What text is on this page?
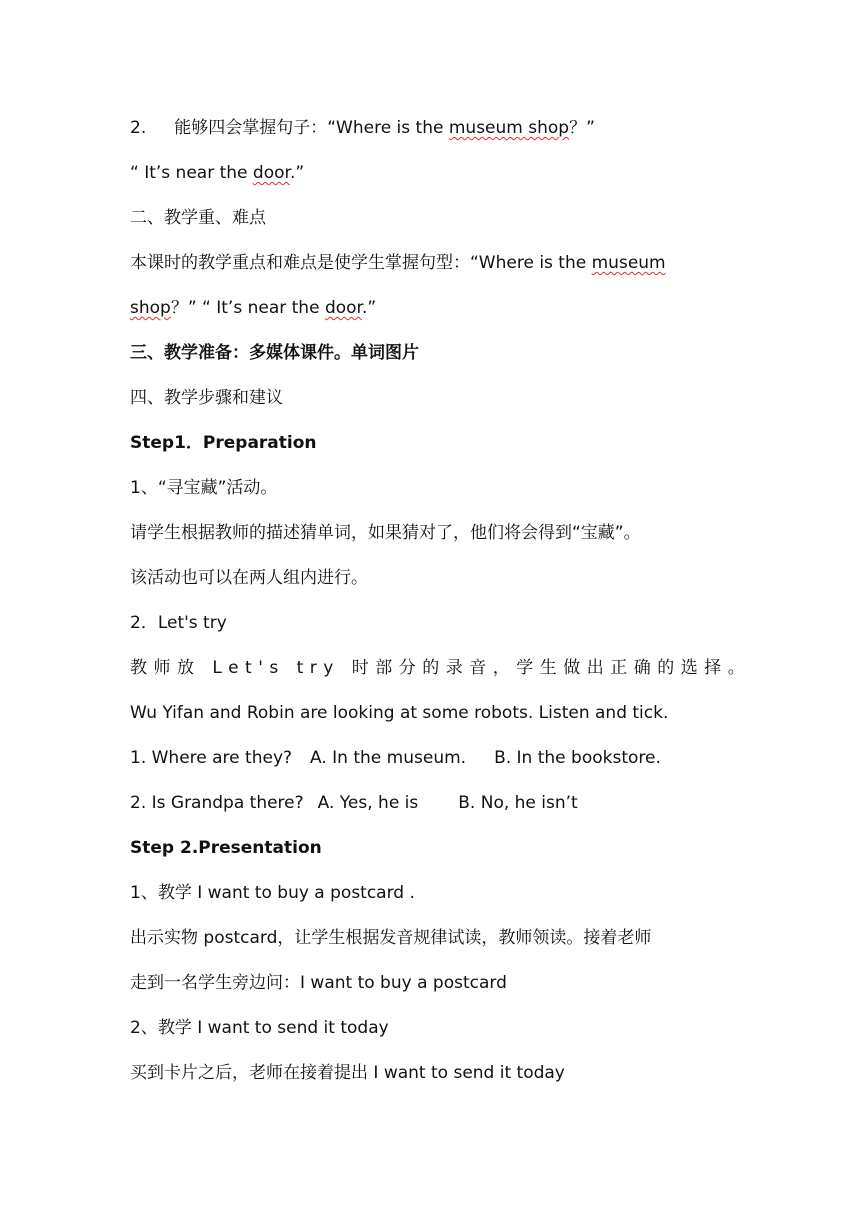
2. 能够四会掌握句子：“Where is the museum shop？”
“ It’s near the door.”
二、教学重、难点
本课时的教学重点和难点是使学生掌握句型：“Where is the museum
shop？” “ It’s near the door.”
三、教学准备：多媒体课件。单词图片
四、教学步骤和建议
Step1．Preparation
1、“寻宝藏”活动。
请学生根据教师的描述猜单词，如果猜对了，他们将会得到“宝藏”。
该活动也可以在两人组内进行。
2．Let's try
教师放 Let's try 时部分的录音，学生做出正确的选择。
Wu Yifan and Robin are looking at some robots. Listen and tick.
1. Where are they? A. In the museum. B. In the bookstore.
2. Is Grandpa there? A. Yes, he is B. No, he isn’t
Step 2.Presentation
1、教学 I want to buy a postcard .
出示实物 postcard，让学生根据发音规律试读，教师领读。接着老师
走到一名学生旁边问：I want to buy a postcard
2、教学 I want to send it today
买到卡片之后，老师在接着提出 I want to send it today
